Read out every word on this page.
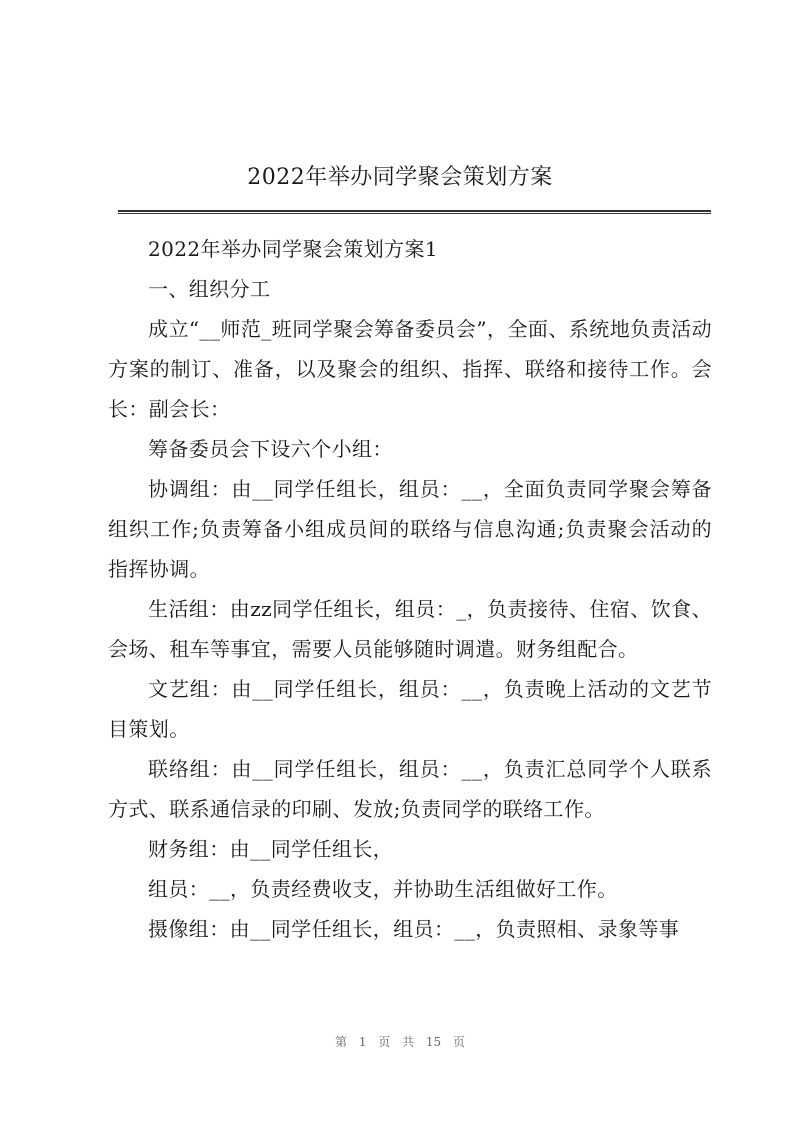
2022年举办同学聚会策划方案

2022年举办同学聚会策划方案1

一、组织分工

成立“__师范_班同学聚会筹备委员会”，全面、系统地负责活动方案的制订、准备，以及聚会的组织、指挥、联络和接待工作。会长：副会长：

筹备委员会下设六个小组：

协调组：由__同学任组长，组员：__，全面负责同学聚会筹备组织工作;负责筹备小组成员间的联络与信息沟通;负责聚会活动的指挥协调。

生活组：由zz同学任组长，组员：_，负责接待、住宿、饮食、会场、租车等事宜，需要人员能够随时调遣。财务组配合。

文艺组：由__同学任组长，组员：__，负责晚上活动的文艺节目策划。

联络组：由__同学任组长，组员：__，负责汇总同学个人联系方式、联系通信录的印刷、发放;负责同学的联络工作。

财务组：由__同学任组长，

组员：__，负责经费收支，并协助生活组做好工作。

摄像组：由__同学任组长，组员：__，负责照相、录象等事

第 1 页 共 15 页
